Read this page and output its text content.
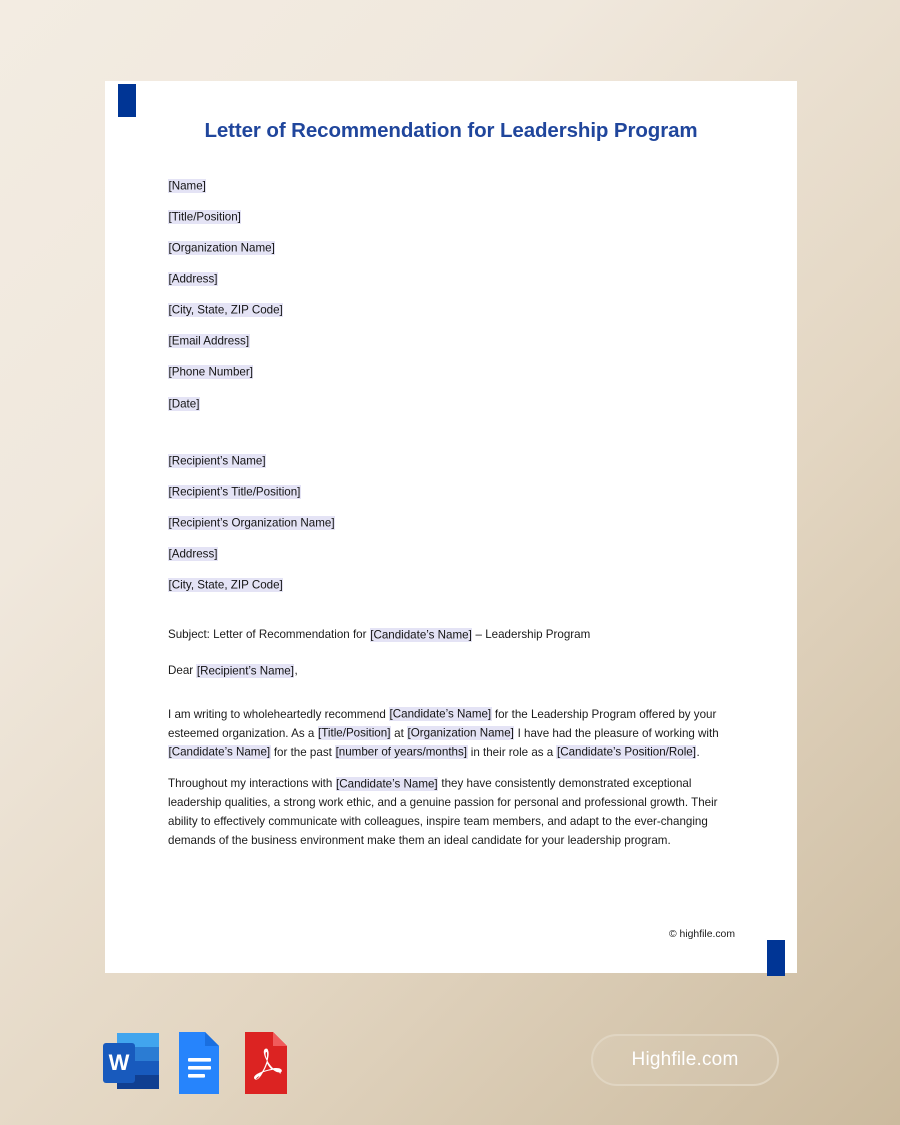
Letter of Recommendation for Leadership Program
[Name]
[Title/Position]
[Organization Name]
[Address]
[City, State, ZIP Code]
[Email Address]
[Phone Number]
[Date]
[Recipient’s Name]
[Recipient’s Title/Position]
[Recipient’s Organization Name]
[Address]
[City, State, ZIP Code]
Subject: Letter of Recommendation for [Candidate’s Name] – Leadership Program
Dear [Recipient’s Name],

I am writing to wholeheartedly recommend [Candidate’s Name] for the Leadership Program offered by your esteemed organization. As a [Title/Position] at [Organization Name] I have had the pleasure of working with [Candidate’s Name] for the past [number of years/months] in their role as a [Candidate’s Position/Role].

Throughout my interactions with [Candidate’s Name] they have consistently demonstrated exceptional leadership qualities, a strong work ethic, and a genuine passion for personal and professional growth. Their ability to effectively communicate with colleagues, inspire team members, and adapt to the ever-changing demands of the business environment make them an ideal candidate for your leadership program.

© highfile.com
W	Highfile.com
